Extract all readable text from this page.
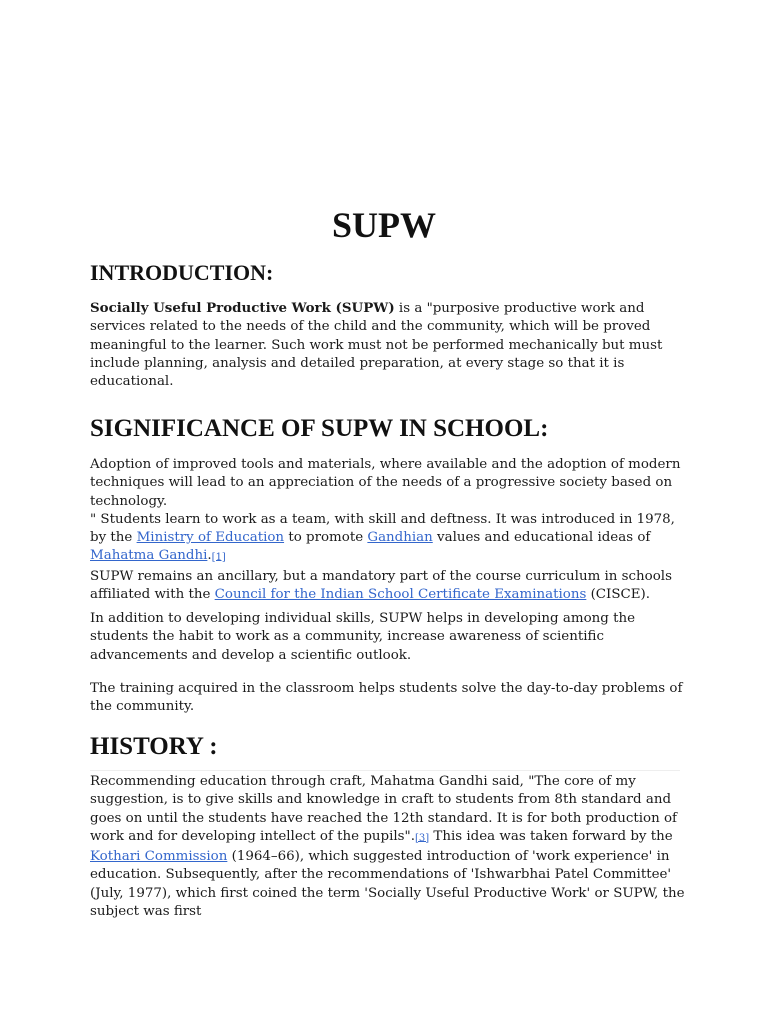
SUPW
INTRODUCTION:

Socially Useful Productive Work (SUPW) is a "purposive productive work and services related to the needs of the child and the community, which will be proved meaningful to the learner. Such work must not be performed mechanically but must include planning, analysis and detailed preparation, at every stage so that it is educational.

SIGNIFICANCE OF SUPW IN SCHOOL:

Adoption of improved tools and materials, where available and the adoption of modern techniques will lead to an appreciation of the needs of a progressive society based on technology.

" Students learn to work as a team, with skill and deftness. It was introduced in 1978, by the Ministry of Education to promote Gandhian values and educational ideas of Mahatma Gandhi.[1]

SUPW remains an ancillary, but a mandatory part of the course curriculum in schools affiliated with the Council for the Indian School Certificate Examinations (CISCE).

In addition to developing individual skills, SUPW helps in developing among the students the habit to work as a community, increase awareness of scientific advancements and develop a scientific outlook.

The training acquired in the classroom helps students solve the day-to-day problems of the community.

HISTORY :

Recommending education through craft, Mahatma Gandhi said, "The core of my suggestion, is to give skills and knowledge in craft to students from 8th standard and goes on until the students have reached the 12th standard. It is for both production of work and for developing intellect of the pupils".[3] This idea was taken forward by the Kothari Commission (1964–66), which suggested introduction of 'work experience' in education. Subsequently, after the recommendations of 'Ishwarbhai Patel Committee' (July, 1977), which first coined the term 'Socially Useful Productive Work' or SUPW, the subject was first
